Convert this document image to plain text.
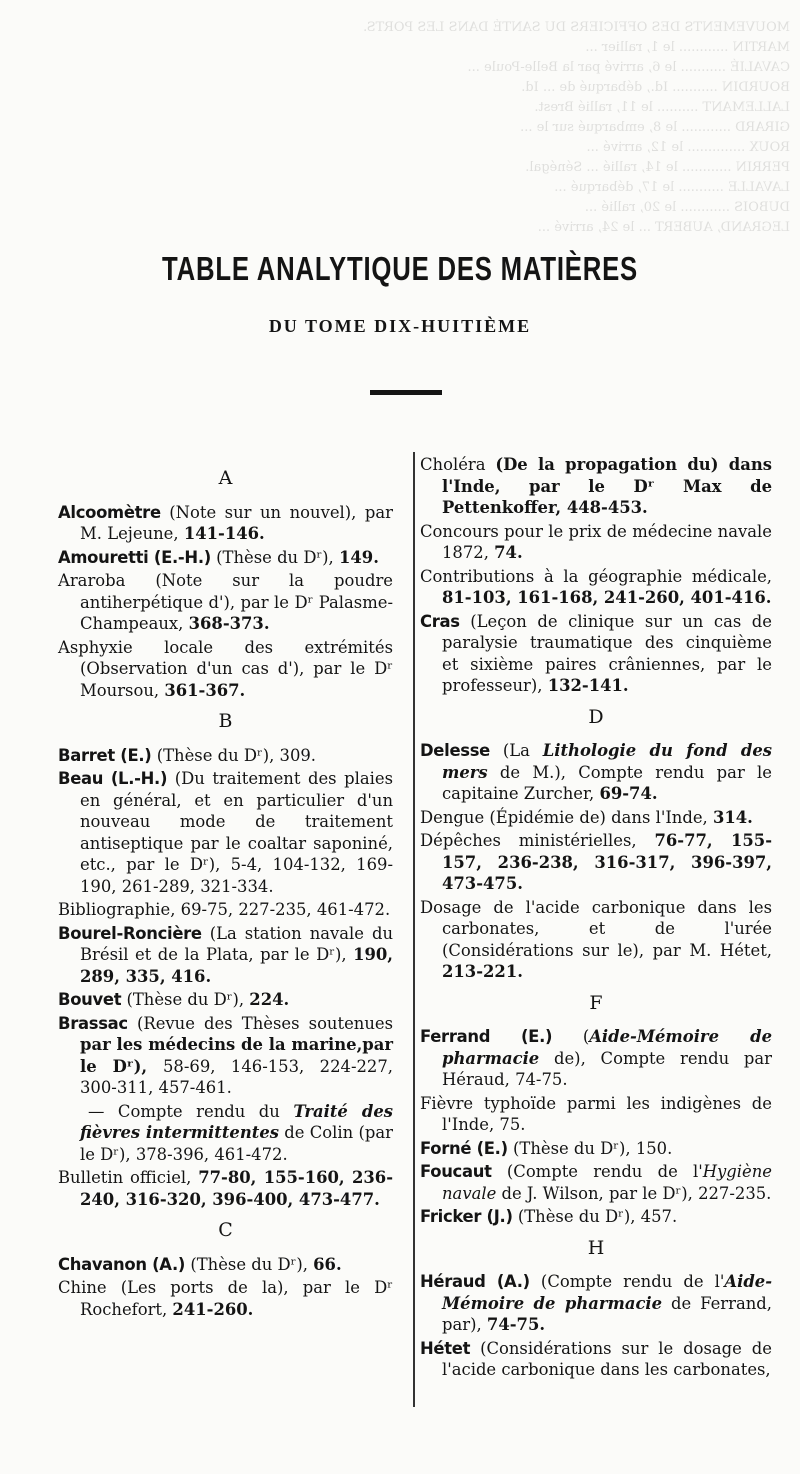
MOUVEMENTS DES OFFICIERS DU SANTÉ DANS LES PORTS.
MARTIN ............ le 1, rallier ...
CAVALIÉ ........... le 6, arrivé par la Belle-Poule ...
BOURDIN ........... Id., débarqué de ... Id.
LALLEMANT .......... le 11, rallié Brest.
GIRARD ............ le 8, embarqué sur le ...
ROUX .............. le 12, arrivé ...
PERRIN ............ le 14, rallié ... Sénégal.
LAVALLE ........... le 17, débarqué ...
DUBOIS ............ le 20, rallié ...
LEGRAND, AUBERT ... le 24, arrivé ...
TABLE ANALYTIQUE DES MATIÈRES
DU TOME DIX-HUITIÈME
A

Alcoomètre (Note sur un nouvel), par M. Lejeune, 141-146.

Amouretti (E.-H.) (Thèse du Dʳ), 149.

Araroba (Note sur la poudre antiherpétique d'), par le Dʳ Palasme-Champeaux, 368-373.

Asphyxie locale des extrémités (Observation d'un cas d'), par le Dʳ Moursou, 361-367.

B

Barret (E.) (Thèse du Dʳ), 309.

Beau (L.-H.) (Du traitement des plaies en général, et en particulier d'un nouveau mode de traitement antiseptique par le coaltar saponiné, etc., par le Dʳ), 5-4, 104-132, 169-190, 261-289, 321-334.

Bibliographie, 69-75, 227-235, 461-472.

Bourel-Roncière (La station navale du Brésil et de la Plata, par le Dʳ), 190, 289, 335, 416.

Bouvet (Thèse du Dʳ), 224.

Brassac (Revue des Thèses soutenues par les médecins de la marine,par le Dʳ), 58-69, 146-153, 224-227, 300-311, 457-461.

— Compte rendu du Traité des fièvres intermittentes de Colin (par le Dʳ), 378-396, 461-472.

Bulletin officiel, 77-80, 155-160, 236-240, 316-320, 396-400, 473-477.

C

Chavanon (A.) (Thèse du Dʳ), 66.

Chine (Les ports de la), par le Dʳ Rochefort, 241-260.

Choléra (De la propagation du) dans l'Inde, par le Dʳ Max de Pettenkoffer, 448-453.

Concours pour le prix de médecine navale 1872, 74.

Contributions à la géographie médicale, 81-103, 161-168, 241-260, 401-416.

Cras (Leçon de clinique sur un cas de paralysie traumatique des cinquième et sixième paires crâniennes, par le professeur), 132-141.

D

Delesse (La Lithologie du fond des mers de M.), Compte rendu par le capitaine Zurcher, 69-74.

Dengue (Épidémie de) dans l'Inde, 314.

Dépêches ministérielles, 76-77, 155-157, 236-238, 316-317, 396-397, 473-475.

Dosage de l'acide carbonique dans les carbonates, et de l'urée (Considérations sur le), par M. Hétet, 213-221.

F

Ferrand (E.) (Aide-Mémoire de pharmacie de), Compte rendu par Héraud, 74-75.

Fièvre typhoïde parmi les indigènes de l'Inde, 75.

Forné (E.) (Thèse du Dʳ), 150.

Foucaut (Compte rendu de l'Hygiène navale de J. Wilson, par le Dʳ), 227-235.

Fricker (J.) (Thèse du Dʳ), 457.

H

Héraud (A.) (Compte rendu de l'Aide-Mémoire de pharmacie de Ferrand, par), 74-75.

Hétet (Considérations sur le dosage de l'acide carbonique dans les carbonates,
